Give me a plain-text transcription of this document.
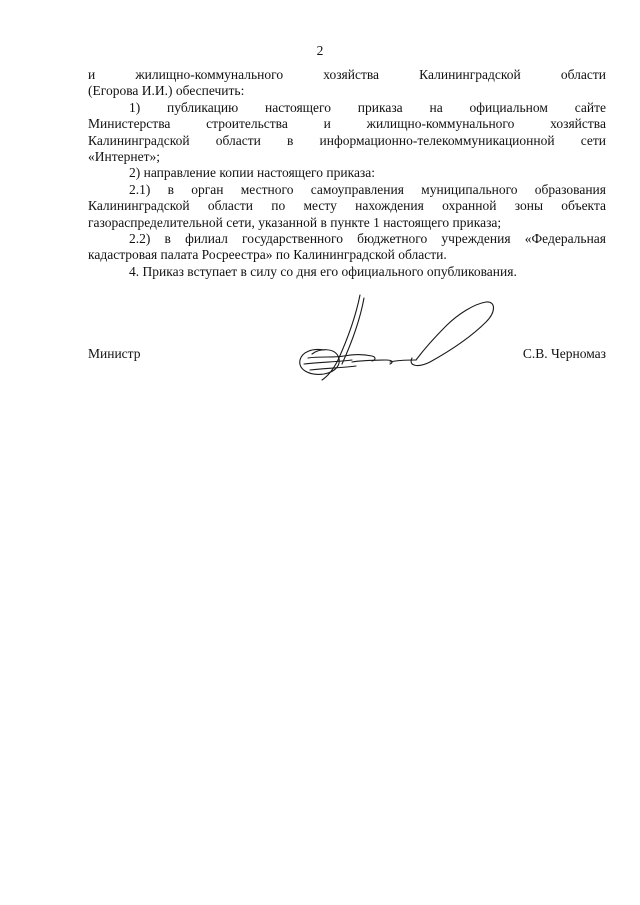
2

и жилищно-коммунального хозяйства Калининградской области

(Егорова И.И.) обеспечить:

1) публикацию настоящего приказа на официальном сайте

Министерства строительства и жилищно-коммунального хозяйства

Калининградской области в информационно-телекоммуникационной сети

«Интернет»;

2) направление копии настоящего приказа:

2.1) в орган местного самоуправления муниципального образования

Калининградской области по месту нахождения охранной зоны объекта

газораспределительной сети, указанной в пункте 1 настоящего приказа;

2.2) в филиал государственного бюджетного учреждения «Федеральная

кадастровая палата Росреестра» по Калининградской области.

4. Приказ вступает в силу со дня его официального опубликования.

Министр	С.В. Черномаз
